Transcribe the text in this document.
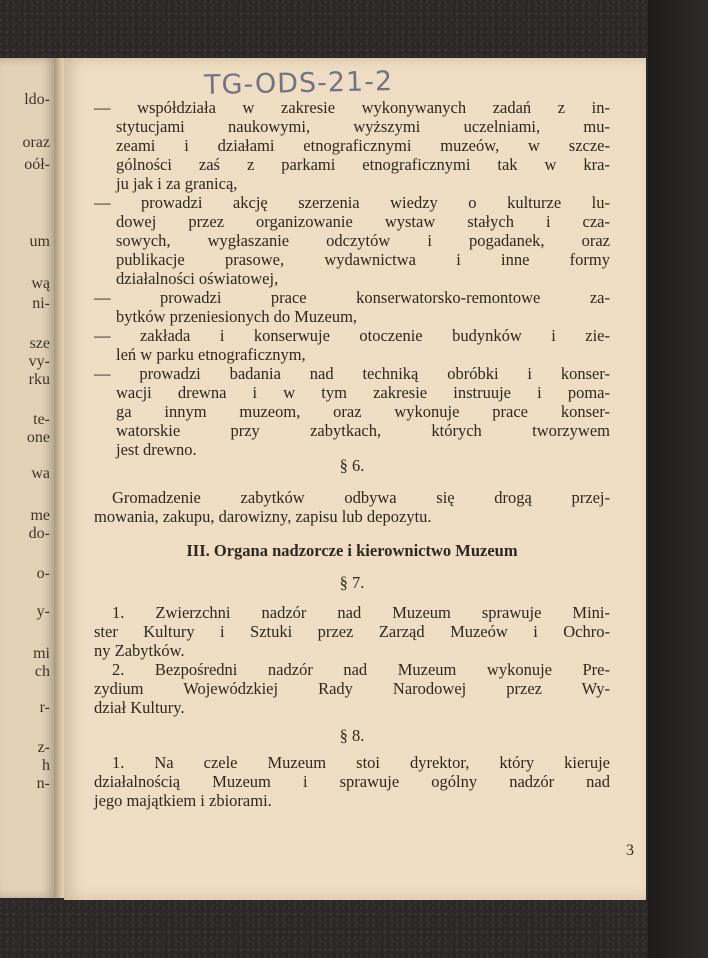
ldo-
oraz
oół-
um
wą
ni-
sze
vy-
rku
te-
one
wa
me
do-
o-
y-
mi
ch
r-
z-
h
n-
TG-ODS-21-2
— współdziała w zakresie wykonywanych zadań z in-
stytucjami naukowymi, wyższymi uczelniami, mu-
zeami i działami etnograficznymi muzeów, w szcze-
gólności zaś z parkami etnograficznymi tak w kra-
ju jak i za granicą,
— prowadzi akcję szerzenia wiedzy o kulturze lu-
dowej przez organizowanie wystaw stałych i cza-
sowych, wygłaszanie odczytów i pogadanek, oraz
publikacje prasowe, wydawnictwa i inne formy
działalności oświatowej,
— prowadzi prace konserwatorsko-remontowe za-
bytków przeniesionych do Muzeum,
— zakłada i konserwuje otoczenie budynków i zie-
leń w parku etnograficznym,
— prowadzi badania nad techniką obróbki i konser-
wacji drewna i w tym zakresie instruuje i poma-
ga innym muzeom, oraz wykonuje prace konser-
watorskie przy zabytkach, których tworzywem
jest drewno.
§ 6.
Gromadzenie zabytków odbywa się drogą przej-
mowania, zakupu, darowizny, zapisu lub depozytu.
III. Organa nadzorcze i kierownictwo Muzeum
§ 7.
1. Zwierzchni nadzór nad Muzeum sprawuje Mini-
ster Kultury i Sztuki przez Zarząd Muzeów i Ochro-
ny Zabytków.
2. Bezpośredni nadzór nad Muzeum wykonuje Pre-
zydium Wojewódzkiej Rady Narodowej przez Wy-
dział Kultury.
§ 8.
1. Na czele Muzeum stoi dyrektor, który kieruje
działalnością Muzeum i sprawuje ogólny nadzór nad
jego majątkiem i zbiorami.
3
